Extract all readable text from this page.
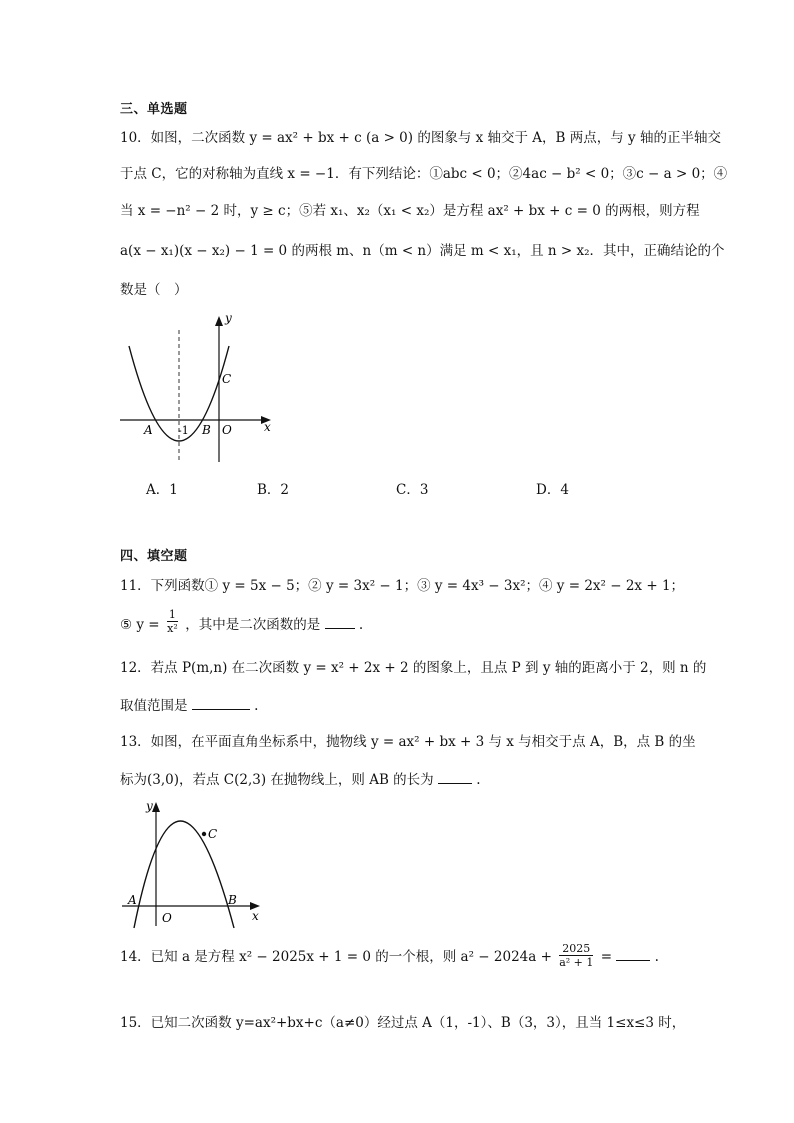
三、单选题
10．如图，二次函数 y = ax² + bx + c (a > 0) 的图象与 x 轴交于 A，B 两点，与 y 轴的正半轴交
于点 C，它的对称轴为直线 x = −1．有下列结论：①abc < 0；②4ac − b² < 0；③c − a > 0；④
当 x = −n² − 2 时，y ≥ c；⑤若 x₁、x₂（x₁ < x₂）是方程 ax² + bx + c = 0 的两根，则方程
a(x − x₁)(x − x₂) − 1 = 0 的两根 m、n（m < n）满足 m < x₁，且 n > x₂．其中，正确结论的个
数是（　）
y
x
C
A -1 B O
A．1	B．2	C．3	D．4
四、填空题
11．下列函数① y = 5x − 5；② y = 3x² − 1；③ y = 4x³ − 3x²；④ y = 2x² − 2x + 1；
⑤ $y = \frac{1}{\text{x²}}$ ，其中是二次函数的是	.
12．若点 P(m,n) 在二次函数 y = x² + 2x + 2 的图象上，且点 P 到 y 轴的距离小于 2，则 n 的
取值范围是	.
13．如图，在平面直角坐标系中，抛物线 y = ax² + bx + 3 与 x 与相交于点 A，B，点 B 的坐
标为(3,0)，若点 C(2,3) 在抛物线上，则 AB 的长为	.
y
x
C
A
O
B
14．已知 a 是方程 x² − 2025x + 1 = 0 的一个根，则 $a^2 - 2024a + \frac{2025}{\text{a² + 1}}$ =	.
15．已知二次函数 y=ax²+bx+c（a≠0）经过点 A（1，-1）、B（3，3），且当 1≤x≤3 时，
